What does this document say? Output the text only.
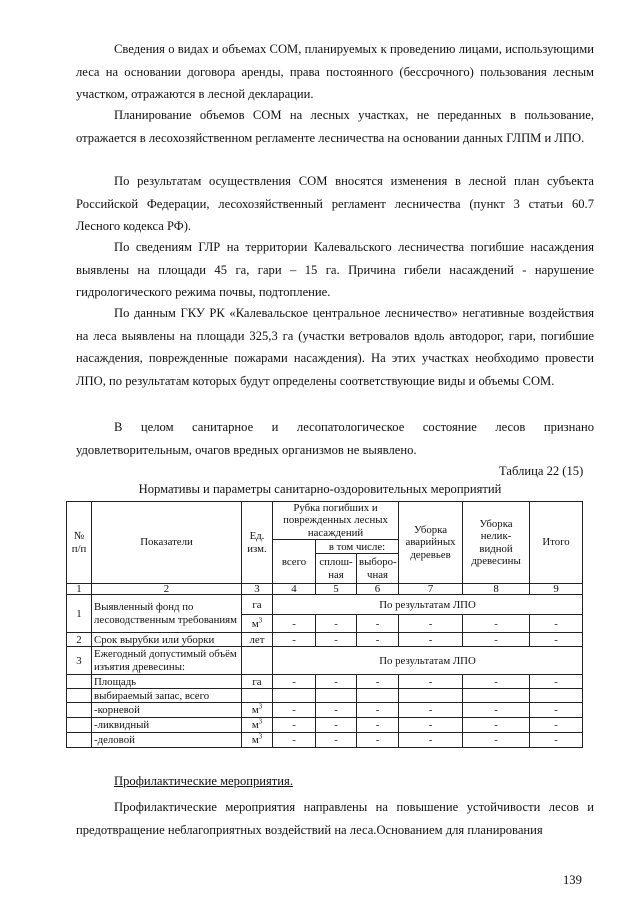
Сведения о видах и объемах СОМ, планируемых к проведению лицами, использующими леса на основании договора аренды, права постоянного (бессрочного) пользования лесным участком, отражаются в лесной декларации.

Планирование объемов СОМ на лесных участках, не переданных в пользование, отражается в лесохозяйственном регламенте лесничества на основании данных ГЛПМ и ЛПО.

По результатам осуществления СОМ вносятся изменения в лесной план субъекта Российской Федерации, лесохозяйственный регламент лесничества (пункт 3 статьи 60.7 Лесного кодекса РФ).

По сведениям ГЛР на территории Калевальского лесничества погибшие насаждения выявлены на площади 45 га, гари – 15 га. Причина гибели насаждений - нарушение гидрологического режима почвы, подтопление.

По данным ГКУ РК «Калевальское центральное лесничество» негативные воздействия на леса выявлены на площади 325,3 га (участки ветровалов вдоль автодорог, гари, погибшие насаждения, поврежденные пожарами насаждения). На этих участках необходимо провести ЛПО, по результатам которых будут определены соответствующие виды и объемы СОМ.

В целом санитарное и лесопатологическое состояние лесов признано удовлетворительным, очагов вредных организмов не выявлено.

Таблица 22 (15)
Нормативы и параметры санитарно-оздоровительных мероприятий
№ п/п	Показатели	Ед. изм.	Рубка погибших и поврежденных лесных насаждений			Уборка аварийных деревьев	Уборка нелик- видной древесины	Итого
			всего	в том числе:				
				сплош- ная	выборо- чная			
1	2	3	4	5	6	7	8	9
1	Выявленный фонд по лесоводственным требованиям	га	По результатам ЛПО					
		$м^3$	-	-	-	-	-	-
2	Срок вырубки или уборки	лет	-	-	-	-	-	-
3	Ежегодный допустимый объём изъятия древесины:		По результатам ЛПО					
	Площадь	га	-	-	-	-	-	-
	выбираемый запас, всего							
	-корневой	$м^3$	-	-	-	-	-	-
	-ликвидный	$м^3$	-	-	-	-	-	-
	-деловой	$м^3$	-	-	-	-	-	-
Профилактические мероприятия.

Профилактические мероприятия направлены на повышение устойчивости лесов и предотвращение неблагоприятных воздействий на леса.Основанием для планирования

139
